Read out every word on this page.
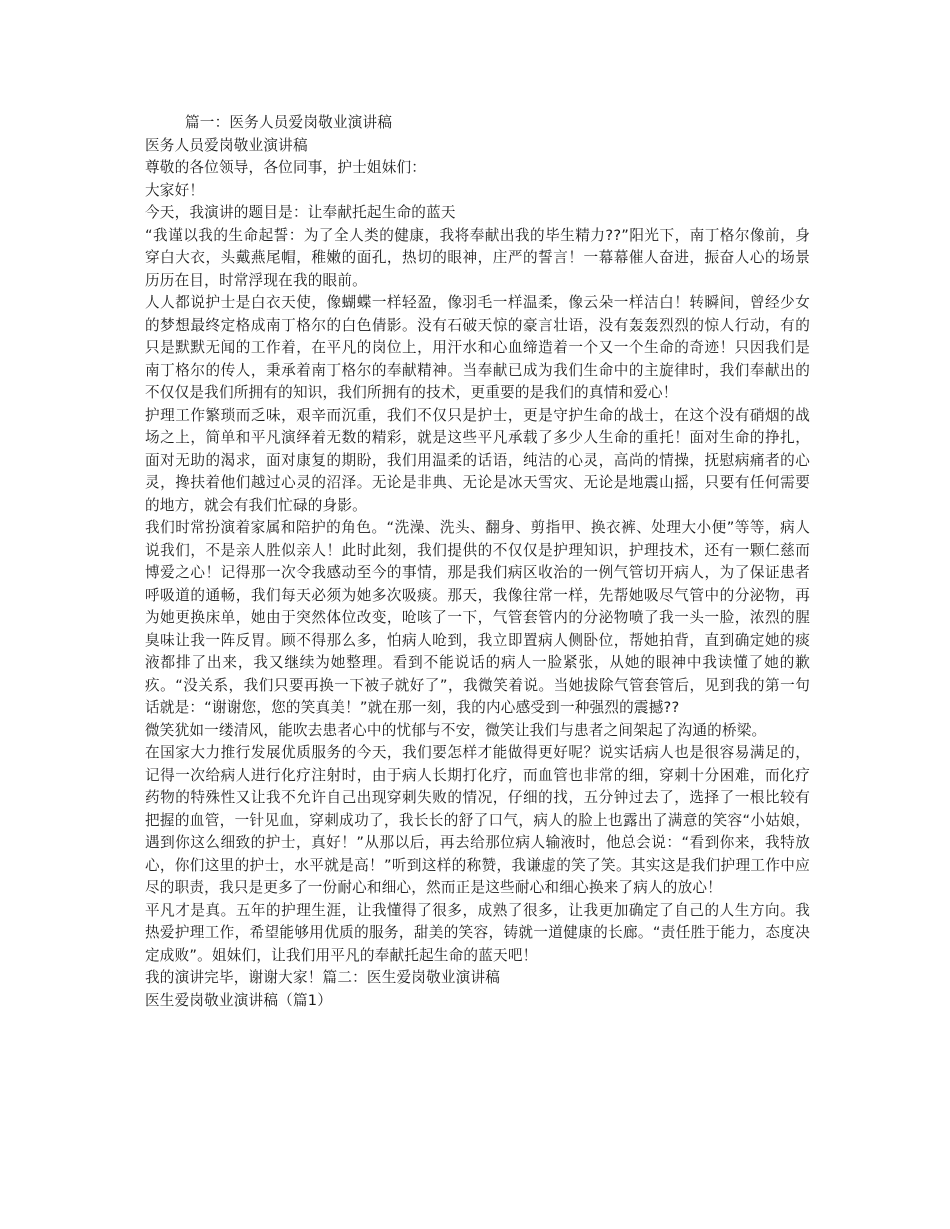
篇一：医务人员爱岗敬业演讲稿

医务人员爱岗敬业演讲稿

尊敬的各位领导，各位同事，护士姐妹们：

大家好！

今天，我演讲的题目是：让奉献托起生命的蓝天

“我谨以我的生命起誓：为了全人类的健康，我将奉献出我的毕生精力??”阳光下，南丁格尔像前，身穿白大衣，头戴燕尾帽，稚嫩的面孔，热切的眼神，庄严的誓言！一幕幕催人奋进，振奋人心的场景历历在目，时常浮现在我的眼前。

人人都说护士是白衣天使，像蝴蝶一样轻盈，像羽毛一样温柔，像云朵一样洁白！转瞬间，曾经少女的梦想最终定格成南丁格尔的白色倩影。没有石破天惊的豪言壮语，没有轰轰烈烈的惊人行动，有的只是默默无闻的工作着，在平凡的岗位上，用汗水和心血缔造着一个又一个生命的奇迹！只因我们是南丁格尔的传人，秉承着南丁格尔的奉献精神。当奉献已成为我们生命中的主旋律时，我们奉献出的不仅仅是我们所拥有的知识，我们所拥有的技术，更重要的是我们的真情和爱心！

护理工作繁琐而乏味，艰辛而沉重，我们不仅只是护士，更是守护生命的战士，在这个没有硝烟的战场之上，简单和平凡演绎着无数的精彩，就是这些平凡承载了多少人生命的重托！面对生命的挣扎，面对无助的渴求，面对康复的期盼，我们用温柔的话语，纯洁的心灵，高尚的情操，抚慰病痛者的心灵，搀扶着他们越过心灵的沼泽。无论是非典、无论是冰天雪灾、无论是地震山摇，只要有任何需要的地方，就会有我们忙碌的身影。

我们时常扮演着家属和陪护的角色。“洗澡、洗头、翻身、剪指甲、换衣裤、处理大小便”等等，病人说我们，不是亲人胜似亲人！此时此刻，我们提供的不仅仅是护理知识，护理技术，还有一颗仁慈而博爱之心！记得那一次令我感动至今的事情，那是我们病区收治的一例气管切开病人，为了保证患者呼吸道的通畅，我们每天必须为她多次吸痰。那天，我像往常一样，先帮她吸尽气管中的分泌物，再为她更换床单，她由于突然体位改变，呛咳了一下，气管套管内的分泌物喷了我一头一脸，浓烈的腥臭味让我一阵反胃。顾不得那么多，怕病人呛到，我立即置病人侧卧位，帮她拍背，直到确定她的痰液都排了出来，我又继续为她整理。看到不能说话的病人一脸紧张，从她的眼神中我读懂了她的歉疚。“没关系，我们只要再换一下被子就好了”，我微笑着说。当她拔除气管套管后，见到我的第一句话就是：“谢谢您，您的笑真美！”就在那一刻，我的内心感受到一种强烈的震撼??

微笑犹如一缕清风，能吹去患者心中的忧郁与不安，微笑让我们与患者之间架起了沟通的桥梁。

在国家大力推行发展优质服务的今天，我们要怎样才能做得更好呢？说实话病人也是很容易满足的，记得一次给病人进行化疗注射时，由于病人长期打化疗，而血管也非常的细，穿刺十分困难，而化疗药物的特殊性又让我不允许自己出现穿刺失败的情况，仔细的找，五分钟过去了，选择了一根比较有把握的血管，一针见血，穿刺成功了，我长长的舒了口气，病人的脸上也露出了满意的笑容“小姑娘，遇到你这么细致的护士，真好！”从那以后，再去给那位病人输液时，他总会说：“看到你来，我特放心，你们这里的护士，水平就是高！”听到这样的称赞，我谦虚的笑了笑。其实这是我们护理工作中应尽的职责，我只是更多了一份耐心和细心，然而正是这些耐心和细心换来了病人的放心！

平凡才是真。五年的护理生涯，让我懂得了很多，成熟了很多，让我更加确定了自己的人生方向。我热爱护理工作，希望能够用优质的服务，甜美的笑容，铸就一道健康的长廊。“责任胜于能力，态度决定成败”。姐妹们，让我们用平凡的奉献托起生命的蓝天吧！

我的演讲完毕，谢谢大家！篇二：医生爱岗敬业演讲稿

医生爱岗敬业演讲稿（篇1）
